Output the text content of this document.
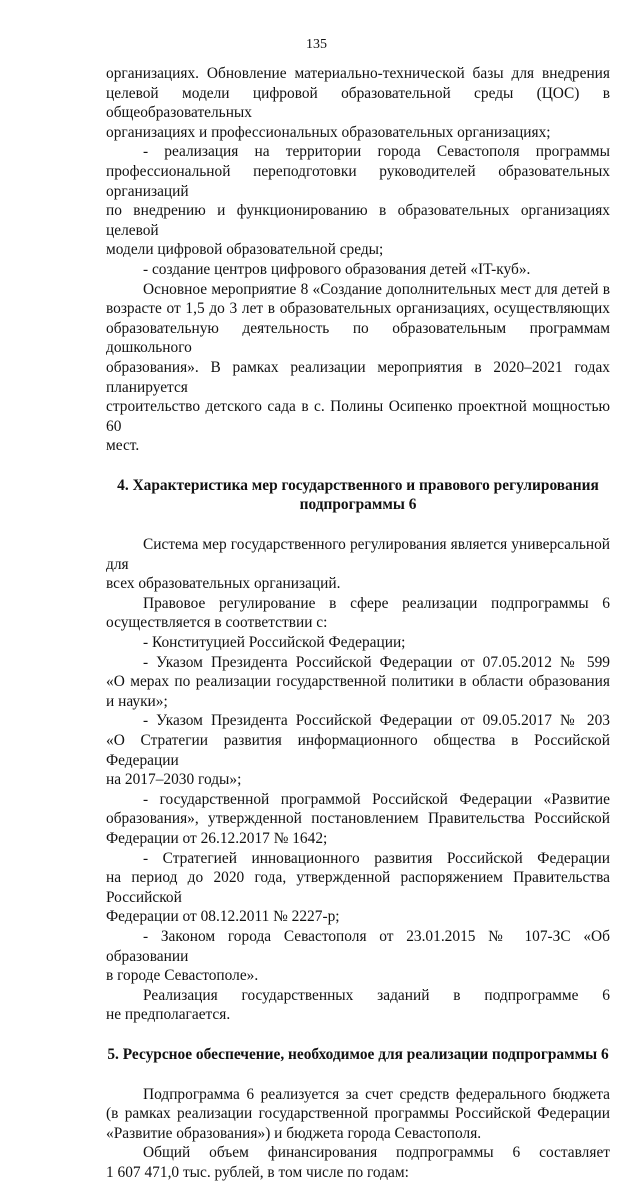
135

организациях. Обновление материально-технической базы для внедрения

целевой модели цифровой образовательной среды (ЦОС) в общеобразовательных

организациях и профессиональных образовательных организациях;

- реализация на территории города Севастополя программы

профессиональной переподготовки руководителей образовательных организаций

по внедрению и функционированию в образовательных организациях целевой

модели цифровой образовательной среды;

- создание центров цифрового образования детей «IT-куб».

Основное мероприятие 8 «Создание дополнительных мест для детей в

возрасте от 1,5 до 3 лет в образовательных организациях, осуществляющих

образовательную деятельность по образовательным программам дошкольного

образования». В рамках реализации мероприятия в 2020–2021 годах планируется

строительство детского сада в с. Полины Осипенко проектной мощностью 60

мест.

4. Характеристика мер государственного и правового регулирования

подпрограммы 6

Система мер государственного регулирования является универсальной для

всех образовательных организаций.

Правовое регулирование в сфере реализации подпрограммы 6

осуществляется в соответствии с:

- Конституцией Российской Федерации;

- Указом Президента Российской Федерации от 07.05.2012 № 599

«О мерах по реализации государственной политики в области образования

и науки»;

- Указом Президента Российской Федерации от 09.05.2017 № 203

«О Стратегии развития информационного общества в Российской Федерации

на 2017–2030 годы»;

- государственной программой Российской Федерации «Развитие

образования», утвержденной постановлением Правительства Российской

Федерации от 26.12.2017 № 1642;

- Стратегией инновационного развития Российской Федерации

на период до 2020 года, утвержденной распоряжением Правительства Российской

Федерации от 08.12.2011 № 2227-р;

- Законом города Севастополя от 23.01.2015 № 107-ЗС «Об образовании

в городе Севастополе».

Реализация государственных заданий в подпрограмме 6

не предполагается.

5. Ресурсное обеспечение, необходимое для реализации подпрограммы 6

Подпрограмма 6 реализуется за счет средств федерального бюджета

(в рамках реализации государственной программы Российской Федерации

«Развитие образования») и бюджета города Севастополя.

Общий объем финансирования подпрограммы 6 составляет

1 607 471,0 тыс. рублей, в том числе по годам:
